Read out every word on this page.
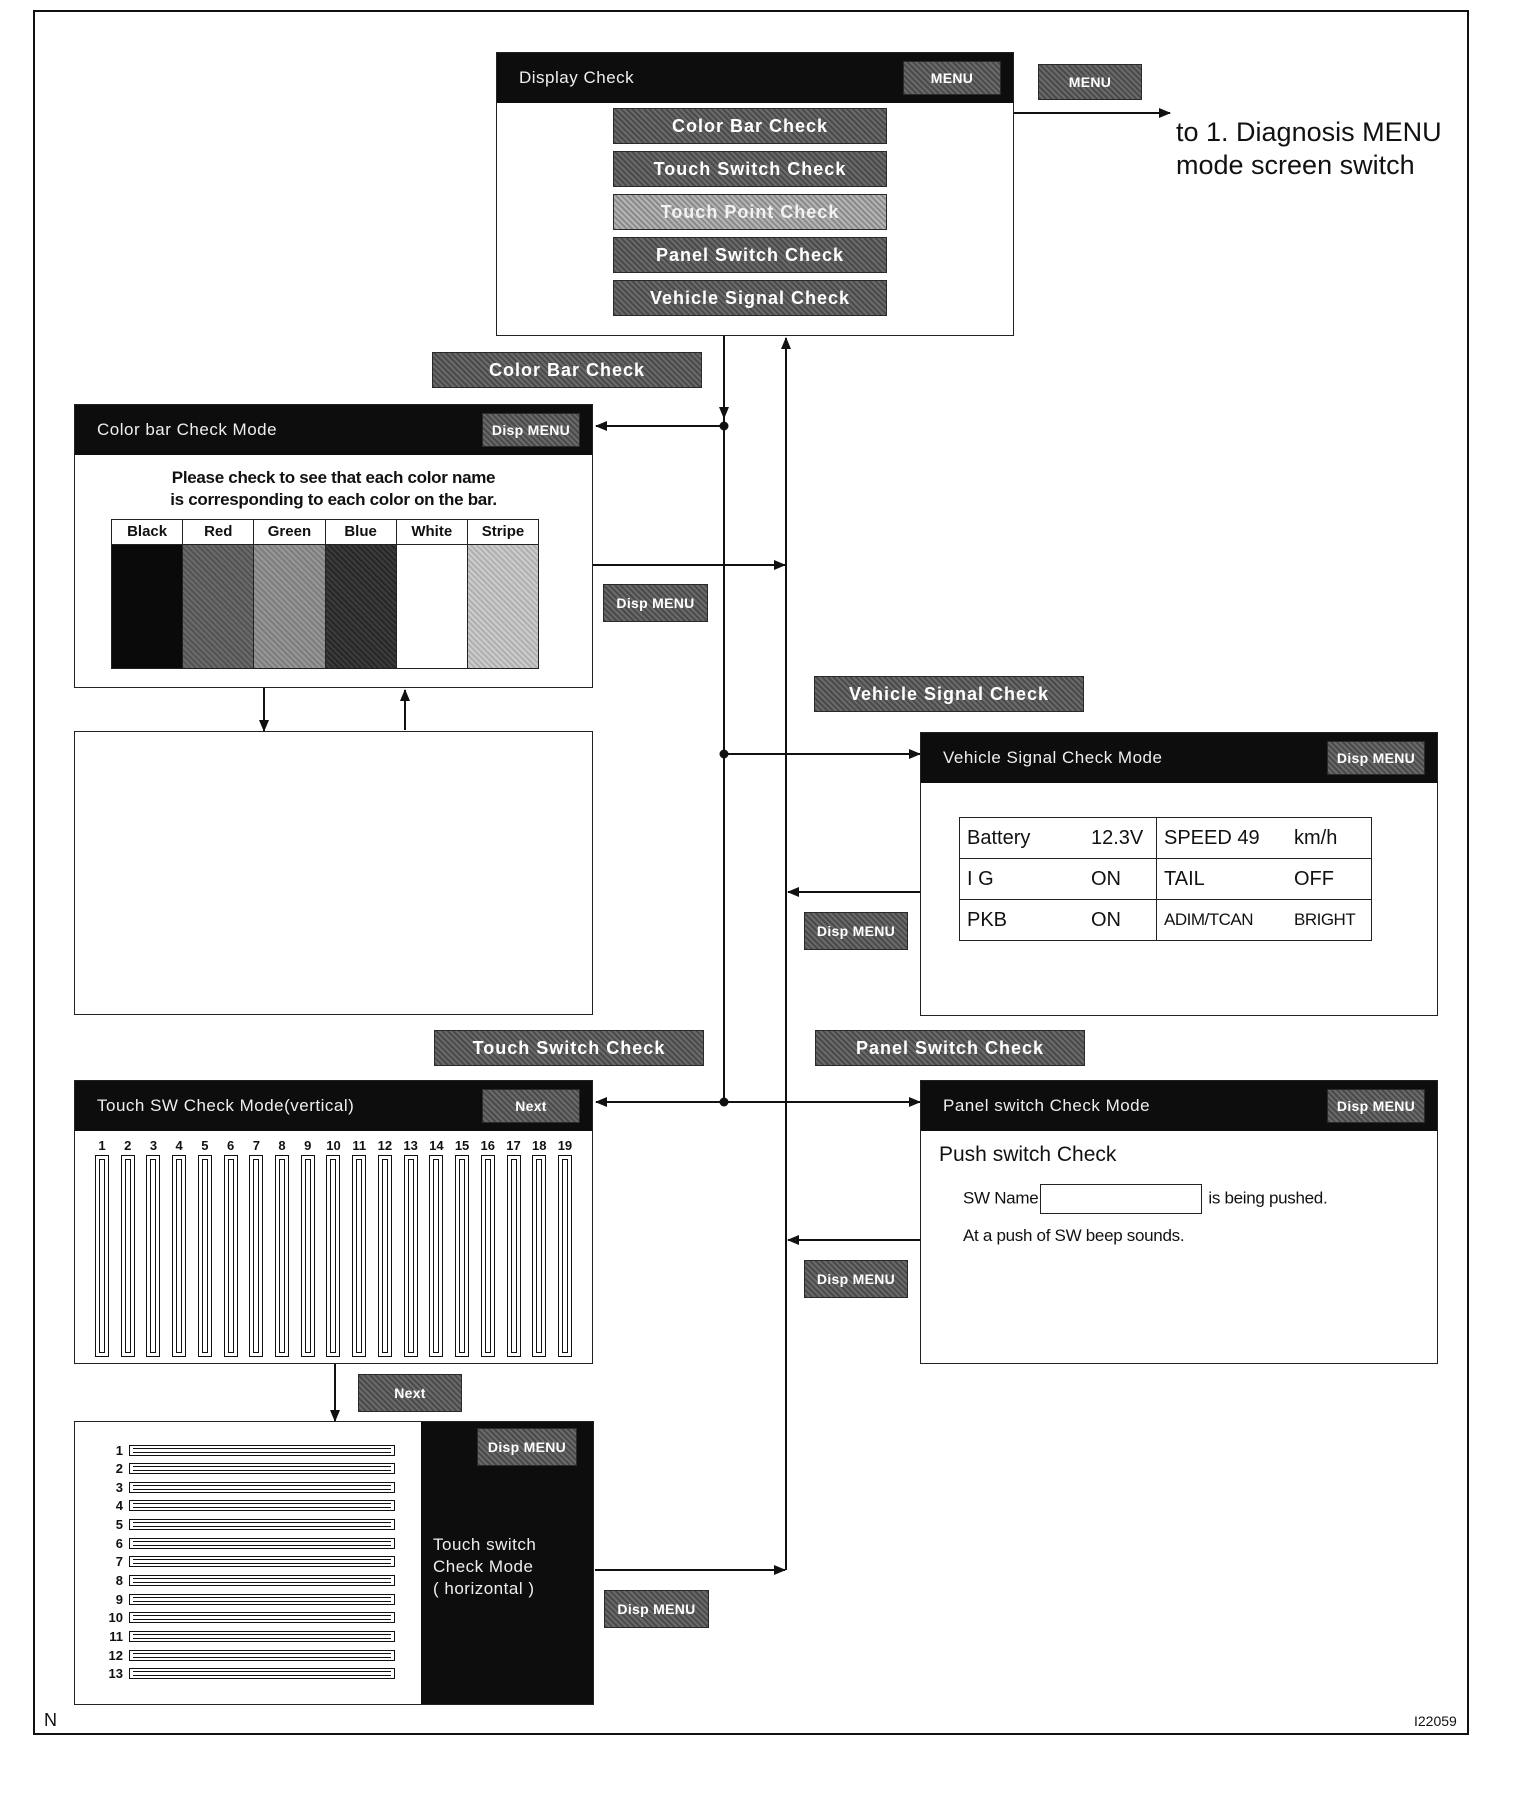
Display Check	MENU
Color Bar Check
Touch Switch Check
Touch Point Check
Panel Switch Check
Vehicle Signal Check
MENU
to 1. Diagnosis MENU mode screen switch
Color Bar Check
Disp MENU
Vehicle Signal Check
Disp MENU
Touch Switch Check	Panel Switch Check
Disp MENU
Next
Disp MENU
Color bar Check Mode	Disp MENU
Please check to see that each color name
is corresponding to each color on the bar.
Black	Red	Green	Blue	White	Stripe
Vehicle Signal Check Mode	Disp MENU
Battery	12.3V	SPEED 49	km/h
I G	ON	TAIL	OFF
PKB	ON	ADIM/TCAN	BRIGHT
Touch SW Check Mode(vertical)	Next
1 2 3 4 5 6 7 8 9 10 11 12 13 14 15 16 17 18 19
Panel switch Check Mode	Disp MENU
Push switch Check
SW Name	is being pushed.
At a push of SW beep sounds.
1
2
3
4
5
6
7
8
9
10
11
12
13
Disp MENU
Touch switch
Check Mode
( horizontal )
N	I22059
